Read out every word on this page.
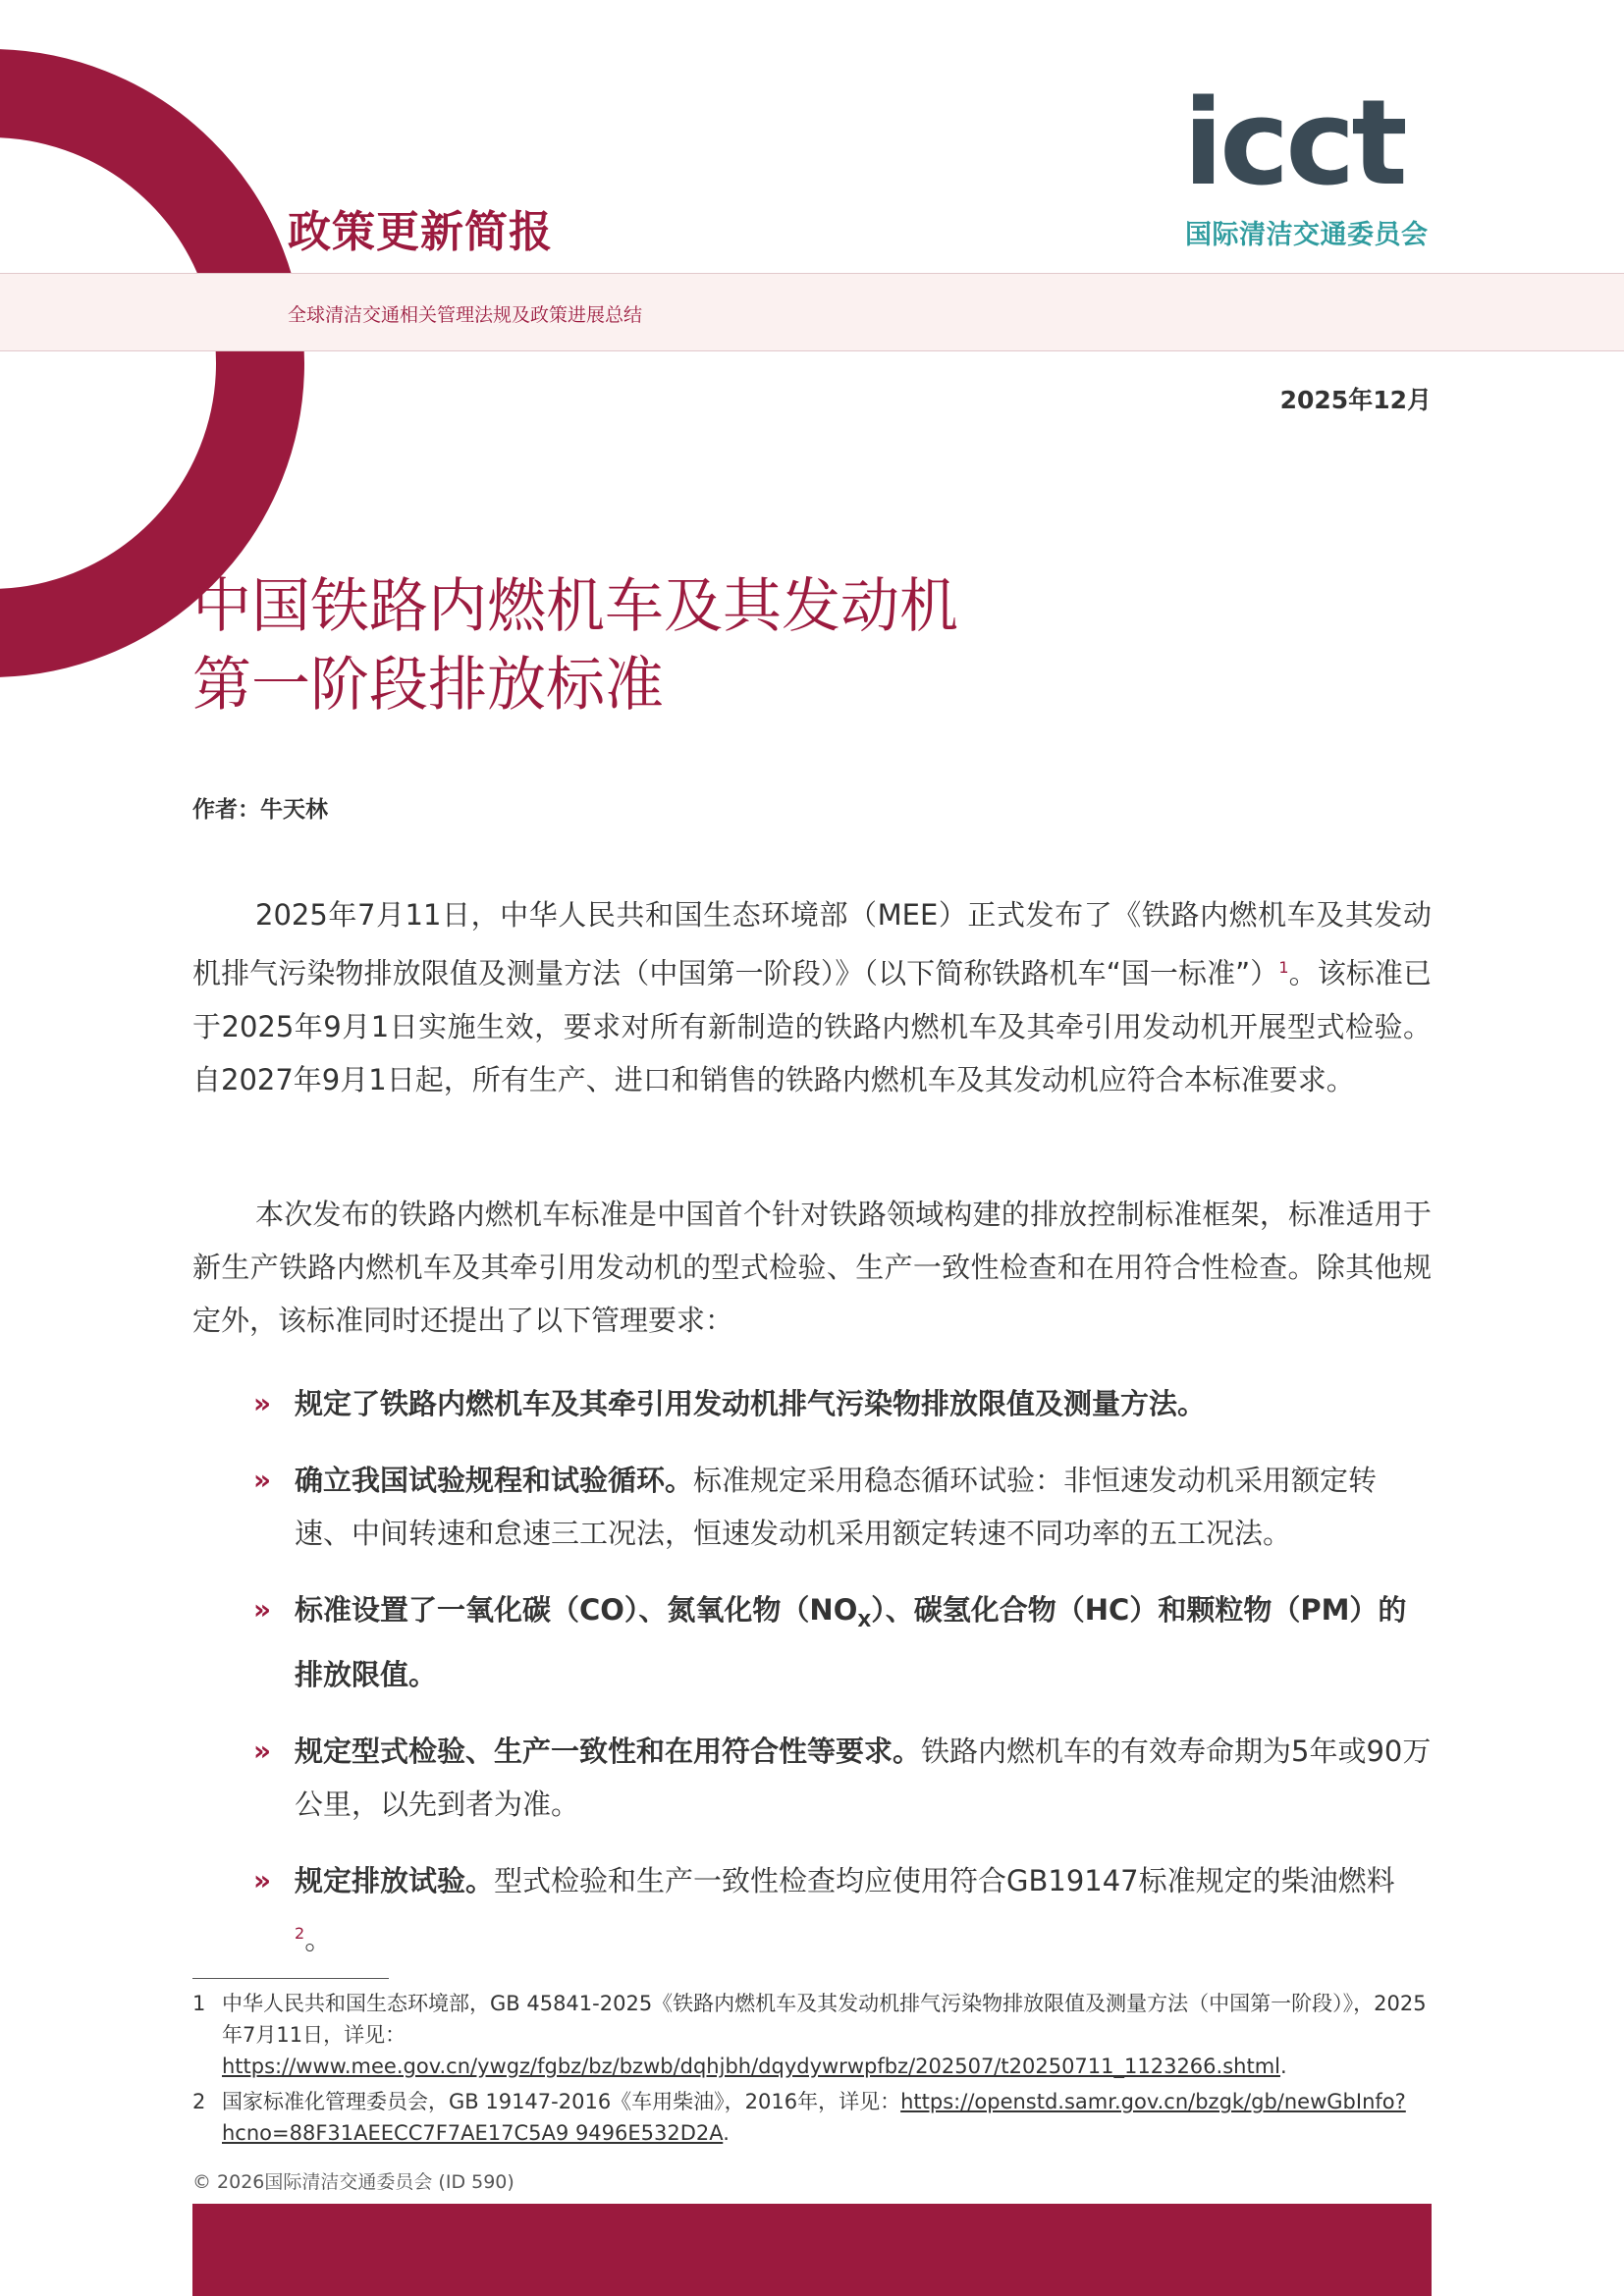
政策更新简报
全球清洁交通相关管理法规及政策进展总结
icct
国际清洁交通委员会
2025年12月
中国铁路内燃机车及其发动机
第一阶段排放标准
作者：牛天林
2025年7月11日，中华人民共和国生态环境部（MEE）正式发布了《铁路内燃机车及其发动机排气污染物排放限值及测量方法（中国第一阶段）》（以下简称铁路机车“国一标准”）$^1$。该标准已于2025年9月1日实施生效，要求对所有新制造的铁路内燃机车及其牵引用发动机开展型式检验。自2027年9月1日起，所有生产、进口和销售的铁路内燃机车及其发动机应符合本标准要求。
本次发布的铁路内燃机车标准是中国首个针对铁路领域构建的排放控制标准框架，标准适用于新生产铁路内燃机车及其牵引用发动机的型式检验、生产一致性检查和在用符合性检查。除其他规定外，该标准同时还提出了以下管理要求：
» 规定了铁路内燃机车及其牵引用发动机排气污染物排放限值及测量方法。
» 确立我国试验规程和试验循环。标准规定采用稳态循环试验：非恒速发动机采用额定转速、中间转速和怠速三工况法，恒速发动机采用额定转速不同功率的五工况法。
» 标准设置了一氧化碳（CO）、氮氧化物$(NO_X)$、碳氢化合物（HC）和颗粒物（PM）的排放限值。
» 规定型式检验、生产一致性和在用符合性等要求。铁路内燃机车的有效寿命期为5年或90万公里，以先到者为准。
» 规定排放试验。型式检验和生产一致性检查均应使用符合GB19147标准规定的柴油燃料$^2$。
1 中华人民共和国生态环境部，GB 45841-2025《铁路内燃机车及其发动机排气污染物排放限值及测量方法（中国第一阶段）》，2025年7月11日，详见：https://www.mee.gov.cn/ywgz/fgbz/bz/bzwb/dqhjbh/dqydywrwpfbz/202507/t20250711_1123266.shtml.
2 国家标准化管理委员会，GB 19147-2016《车用柴油》，2016年，详见：https://openstd.samr.gov.cn/bzgk/gb/newGbInfo?hcno=88F31AEECC7F7AE17C5A9 9496E532D2A.
© 2026国际清洁交通委员会 (ID 590)
